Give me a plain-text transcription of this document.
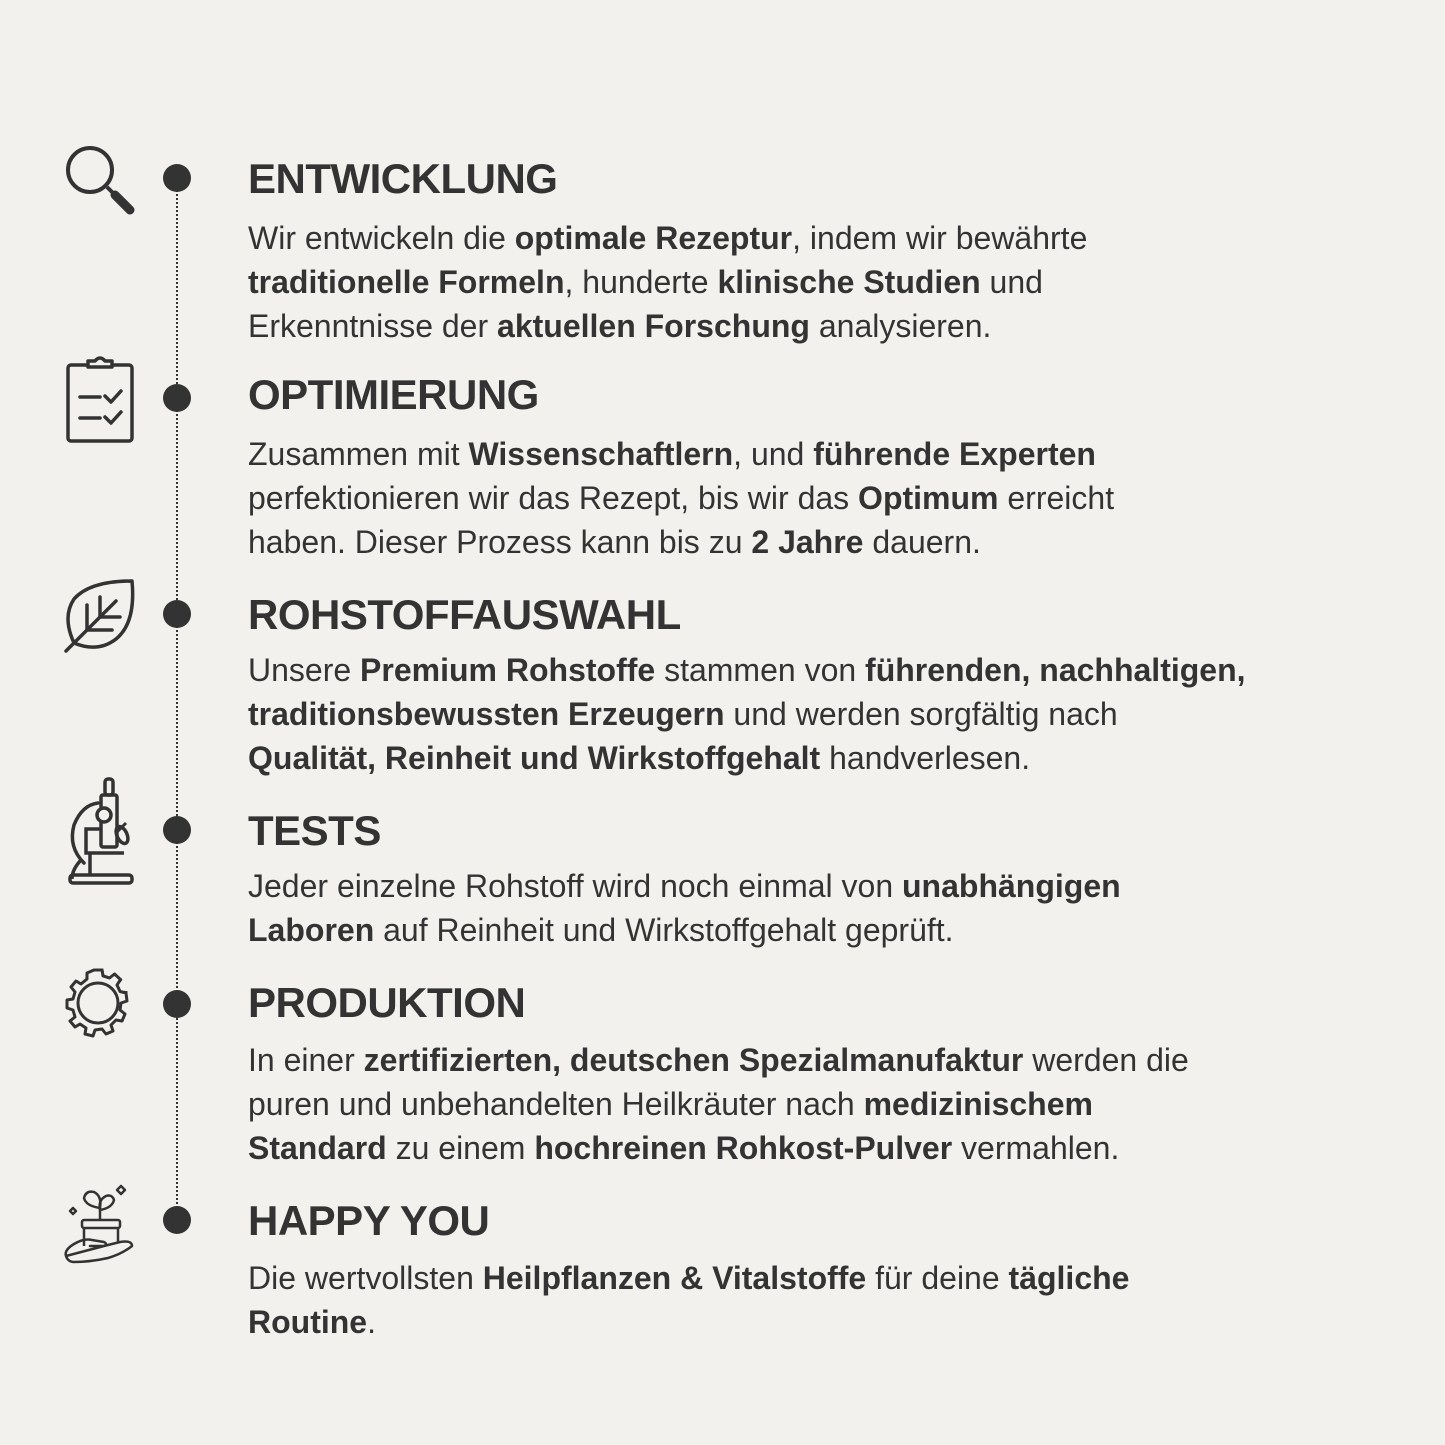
ENTWICKLUNG

Wir entwickeln die optimale Rezeptur, indem wir bewährte
traditionelle Formeln, hunderte klinische Studien und
Erkenntnisse der aktuellen Forschung analysieren.

OPTIMIERUNG

Zusammen mit Wissenschaftlern, und führende Experten
perfektionieren wir das Rezept, bis wir das Optimum erreicht
haben. Dieser Prozess kann bis zu 2 Jahre dauern.

ROHSTOFFAUSWAHL

Unsere Premium Rohstoffe stammen von führenden, nachhaltigen,
traditionsbewussten Erzeugern und werden sorgfältig nach
Qualität, Reinheit und Wirkstoffgehalt handverlesen.

TESTS

Jeder einzelne Rohstoff wird noch einmal von unabhängigen
Laboren auf Reinheit und Wirkstoffgehalt geprüft.

PRODUKTION

In einer zertifizierten, deutschen Spezialmanufaktur werden die
puren und unbehandelten Heilkräuter nach medizinischem
Standard zu einem hochreinen Rohkost-Pulver vermahlen.

HAPPY YOU

Die wertvollsten Heilpflanzen & Vitalstoffe für deine tägliche
Routine.
